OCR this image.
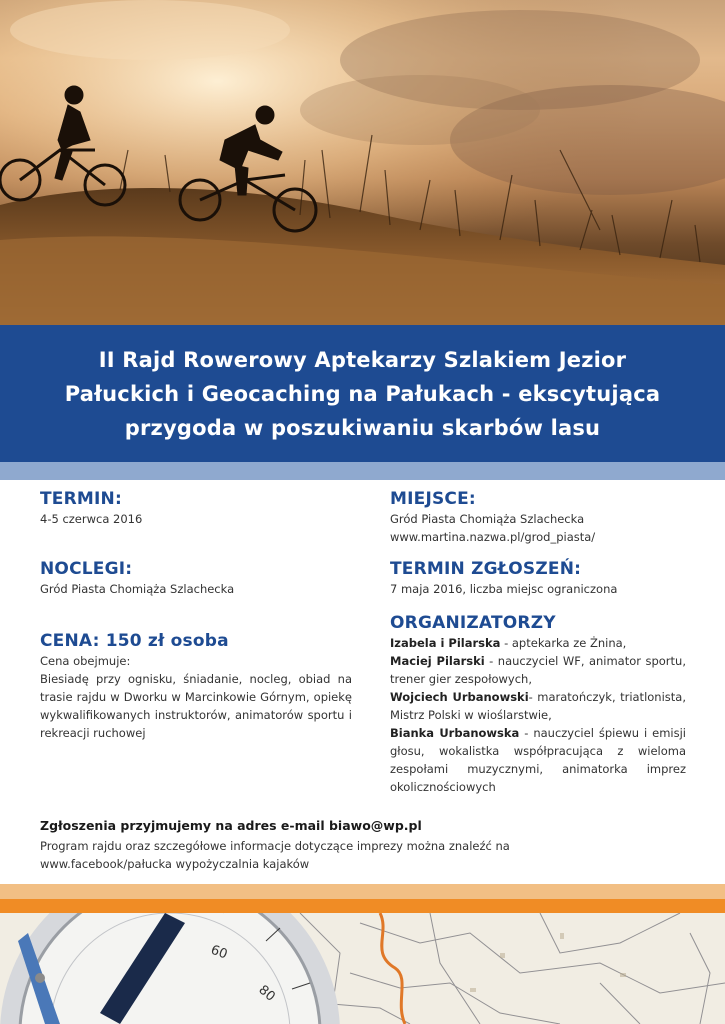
II Rajd Rowerowy Aptekarzy Szlakiem Jezior
Pałuckich i Geocaching na Pałukach - ekscytująca
przygoda w poszukiwaniu skarbów lasu

TERMIN:

4-5 czerwca 2016

NOCLEGI:

Gród Piasta Chomiąża Szlachecka

CENA: 150 zł osoba

Cena obejmuje:

Biesiadę przy ognisku, śniadanie, nocleg, obiad na trasie rajdu w Dworku w Marcinkowie Górnym, opiekę wykwalifikowanych instruktorów, animatorów sportu i rekreacji ruchowej

MIEJSCE:

Gród Piasta Chomiąża Szlachecka

www.martina.nazwa.pl/grod_piasta/

TERMIN ZGŁOSZEŃ:

7 maja 2016, liczba miejsc ograniczona

ORGANIZATORZY

Izabela i Pilarska - aptekarka ze Żnina,
Maciej Pilarski - nauczyciel WF, animator sportu, trener gier zespołowych,
Wojciech Urbanowski- maratończyk, triatlonista, Mistrz Polski w wioślarstwie,
Bianka Urbanowska - nauczyciel śpiewu i emisji głosu, wokalistka współpracująca z wieloma zespołami muzycznymi, animatorka imprez okolicznościowych

Zgłoszenia przyjmujemy na adres e-mail biawo@wp.pl

Program rajdu oraz szczegółowe informacje dotyczące imprezy można znaleźć na

www.facebook/pałucka wypożyczalnia kajaków

60
80
